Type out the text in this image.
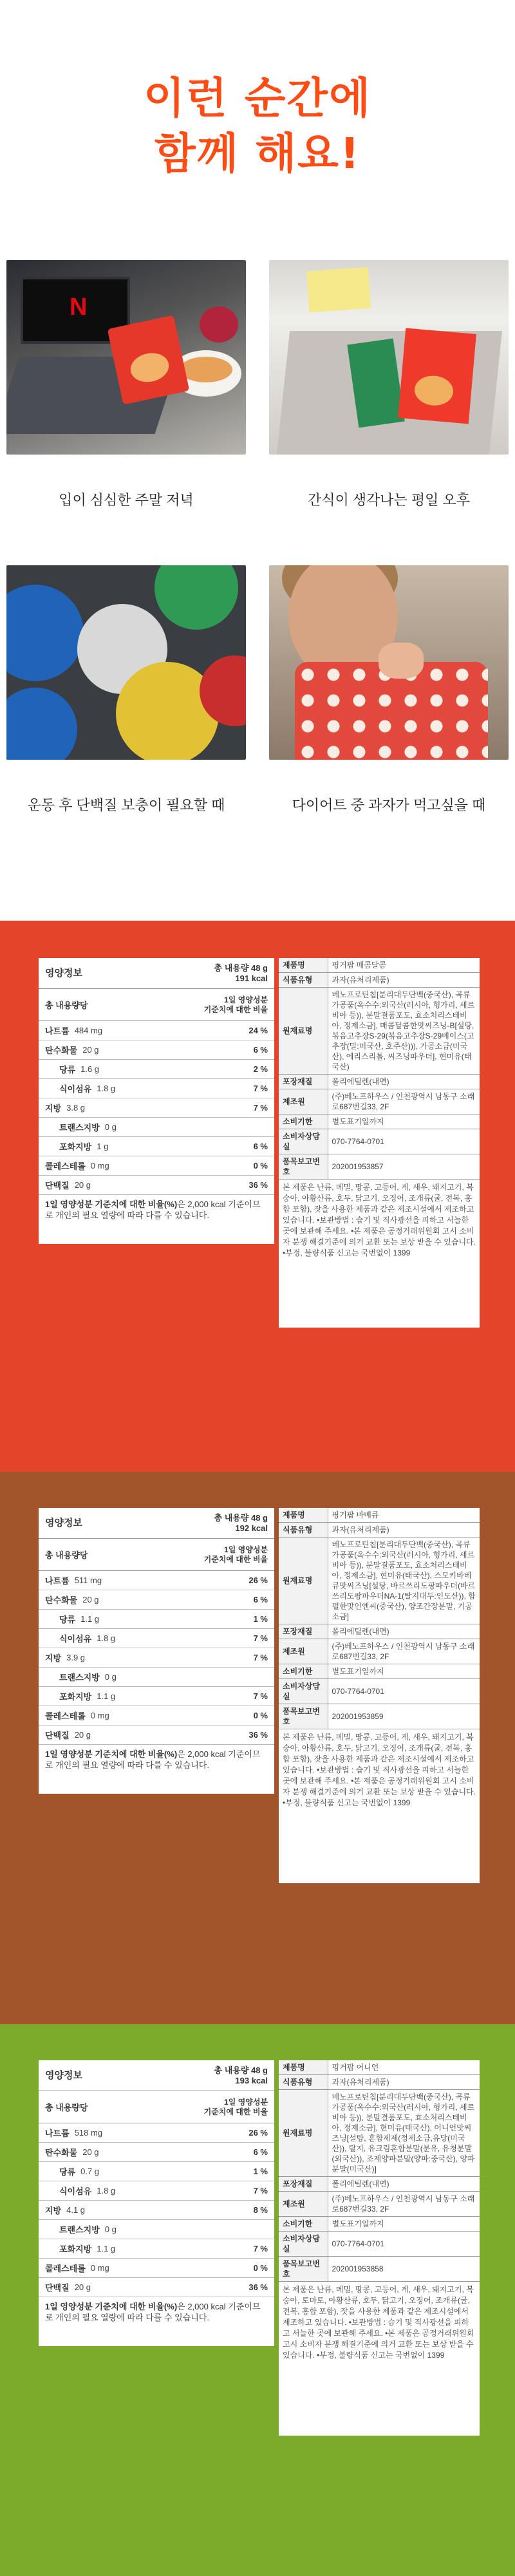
이런 순간에
함께 해요!
N
입이 심심한 주말 저녁	간식이 생각나는 평일 오후
운동 후 단백질 보충이 필요할 때	다이어트 중 과자가 먹고싶을 때
영양정보	총 내용량 48 g
191 kcal
총 내용량당
1일 영양성분
기준치에 대한 비율
나트륨 484 mg	24 %
탄수화물 20 g	6 %
당류 1.6 g	2 %
식이섬유 1.8 g	7 %
지방 3.8 g	7 %
트랜스지방 0 g
포화지방 1 g	6 %
콜레스테롤 0 mg	0 %
단백질 20 g	36 %
1일 영양성분 기준치에 대한 비율(%)은 2,000 kcal 기준이므로 개인의 필요 열량에 따라 다를 수 있습니다.
제품명	핑거팝 매콤달콤
식품유형	과자(유처리제품)
원재료명	베노프로틴칩[분리대두단백(중국산), 곡류가공품(옥수수:외국산(러시아, 헝가리, 세르비아 등)), 분말결품포도, 효소처리스테비아, 정제소금], 매콤달콤한맛씨즈닝-B[설탕, 볶음고추장S-29(볶음고추장S-29베이스(고추장(밀:미국산, 호주산))), 가공소금(미국산), 에리스리톨, 씨즈닝파우더], 현미유(태국산)
포장재질	폴리에틸렌(내면)
제조원	(주)베노프하우스 / 인천광역시 남동구 소래로687번길33, 2F
소비기한	별도표기일까지
소비자상담실	070-7764-0701
품목보고번호	202001953857
본 제품은 난류, 메밀, 땅콩, 고등어, 게, 새우, 돼지고기, 복숭아, 아황산류, 호두, 닭고기, 오징어, 조개류(굴, 전복, 홍합 포함), 잣을 사용한 제품과 같은 제조시설에서 제조하고 있습니다. •보관방법 : 습기 및 직사광선을 피하고 서늘한 곳에 보관해 주세요. •본 제품은 공정거래위원회 고시 소비자 분쟁 해결기준에 의거 교환 또는 보상 받을 수 있습니다. •부정, 불량식품 신고는 국번없이 1399
영양정보	총 내용량 48 g
192 kcal
총 내용량당
1일 영양성분
기준치에 대한 비율
나트륨 511 mg	26 %
탄수화물 20 g	6 %
당류 1.1 g	1 %
식이섬유 1.8 g	7 %
지방 3.9 g	7 %
트랜스지방 0 g
포화지방 1.1 g	7 %
콜레스테롤 0 mg	0 %
단백질 20 g	36 %
1일 영양성분 기준치에 대한 비율(%)은 2,000 kcal 기준이므로 개인의 필요 열량에 따라 다를 수 있습니다.
제품명	핑거팝 바베큐
식품유형	과자(유처리제품)
원재료명	베노프로틴칩[분리대두단백(중국산), 곡류가공품(옥수수:외국산(러시아, 헝가리, 세르비아 등)), 분말결품포도, 효소처리스테비아, 정제소금], 현미유(태국산), 스모키바베큐맛씨즈닝[설탕, 바르쓰리도팡파우더(바르쓰리도팡파우더NA-1(탈지대두:인도산)), 합펄한맛인엔씨(중국산), 양조간장분말, 기공소금]
포장재질	폴리에틸렌(내면)
제조원	(주)베노프하우스 / 인천광역시 남동구 소래로687번길33, 2F
소비기한	별도표기일까지
소비자상담실	070-7764-0701
품목보고번호	202001953859
본 제품은 난류, 메밀, 땅콩, 고등어, 게, 새우, 돼지고기, 복숭아, 아황산류, 호두, 닭고기, 오징어, 조개류(굴, 전복, 홍합 포함), 잣을 사용한 제품과 같은 제조시설에서 제조하고 있습니다. •보관방법 : 습기 및 직사광선을 피하고 서늘한 곳에 보관해 주세요. •본 제품은 공정거래위원회 고시 소비자 분쟁 해결기준에 의거 교환 또는 보상 받을 수 있습니다. •부정, 불량식품 신고는 국번없이 1399
영양정보	총 내용량 48 g
193 kcal
총 내용량당
1일 영양성분
기준치에 대한 비율
나트륨 518 mg	26 %
탄수화물 20 g	6 %
당류 0.7 g	1 %
식이섬유 1.8 g	7 %
지방 4.1 g	8 %
트랜스지방 0 g
포화지방 1.1 g	7 %
콜레스테롤 0 mg	0 %
단백질 20 g	36 %
1일 영양성분 기준치에 대한 비율(%)은 2,000 kcal 기준이므로 개인의 필요 열량에 따라 다를 수 있습니다.
제품명	핑거팝 어니언
식품유형	과자(유처리제품)
원재료명	베노프로틴칩[분리대두단백(중국산), 곡류가공품(옥수수:외국산(러시아, 헝가리, 세르비아 등)), 분말결품포도, 효소처리스테비아, 정제소금], 현미유(태국산), 어니언맛씨즈닝[설탕, 혼합제제(정제소금,유당(미국산)), 탈지, 유크림혼합분말(분유, 유청분말(외국산)), 조제양파분말(양파:중국산), 양파분말(미국산)]
포장재질	폴리에틸렌(내면)
제조원	(주)베노프하우스 / 인천광역시 남동구 소래로687번길33, 2F
소비기한	별도표기일까지
소비자상담실	070-7764-0701
품목보고번호	202001953858
본 제품은 난류, 메밀, 땅콩, 고등어, 게, 새우, 돼지고기, 복숭아, 토마토, 아황산류, 호두, 닭고기, 오징어, 조개류(굴, 전복, 홍합 포함), 잣을 사용한 제품과 같은 제조시설에서 제조하고 있습니다. •보관방법 : 습기 및 직사광선을 피하고 서늘한 곳에 보관해 주세요. •본 제품은 공정거래위원회 고시 소비자 분쟁 해결기준에 의거 교환 또는 보상 받을 수 있습니다. •부정, 불량식품 신고는 국번없이 1399
